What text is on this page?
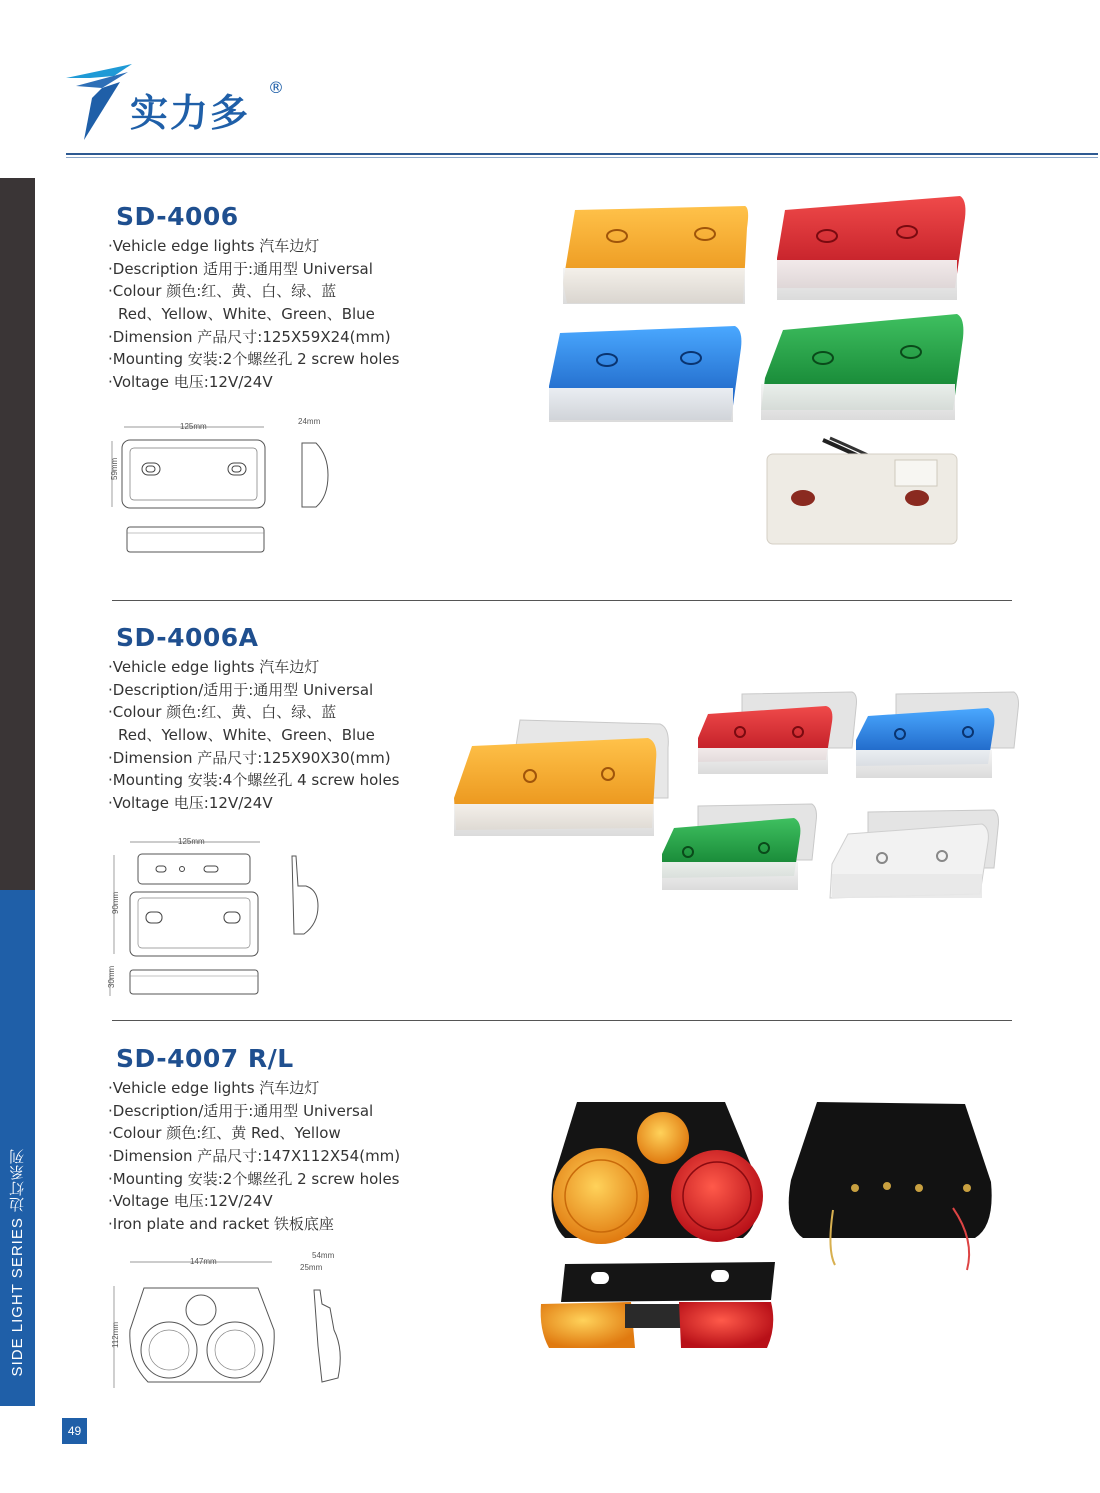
实力多
®
SIDE LIGHT SERIES 边灯系列
49
SD-4006
·Vehicle edge lights 汽车边灯
·Description 适用于:通用型 Universal
·Colour 颜色:红、黄、白、绿、蓝
Red、Yellow、White、Green、Blue
·Dimension 产品尺寸:125X59X24(mm)
·Mounting 安装:2个螺丝孔 2 screw holes
·Voltage 电压:12V/24V
125mm
59mm
24mm
SD-4006A
·Vehicle edge lights 汽车边灯
·Description/适用于:通用型 Universal
·Colour 颜色:红、黄、白、绿、蓝
Red、Yellow、White、Green、Blue
·Dimension 产品尺寸:125X90X30(mm)
·Mounting 安装:4个螺丝孔 4 screw holes
·Voltage 电压:12V/24V
125mm
90mm
30mm
SD-4007 R/L
·Vehicle edge lights 汽车边灯
·Description/适用于:通用型 Universal
·Colour 颜色:红、黄 Red、Yellow
·Dimension 产品尺寸:147X112X54(mm)
·Mounting 安装:2个螺丝孔 2 screw holes
·Voltage 电压:12V/24V
·Iron plate and racket 铁板底座
147mm
112mm
54mm
25mm
